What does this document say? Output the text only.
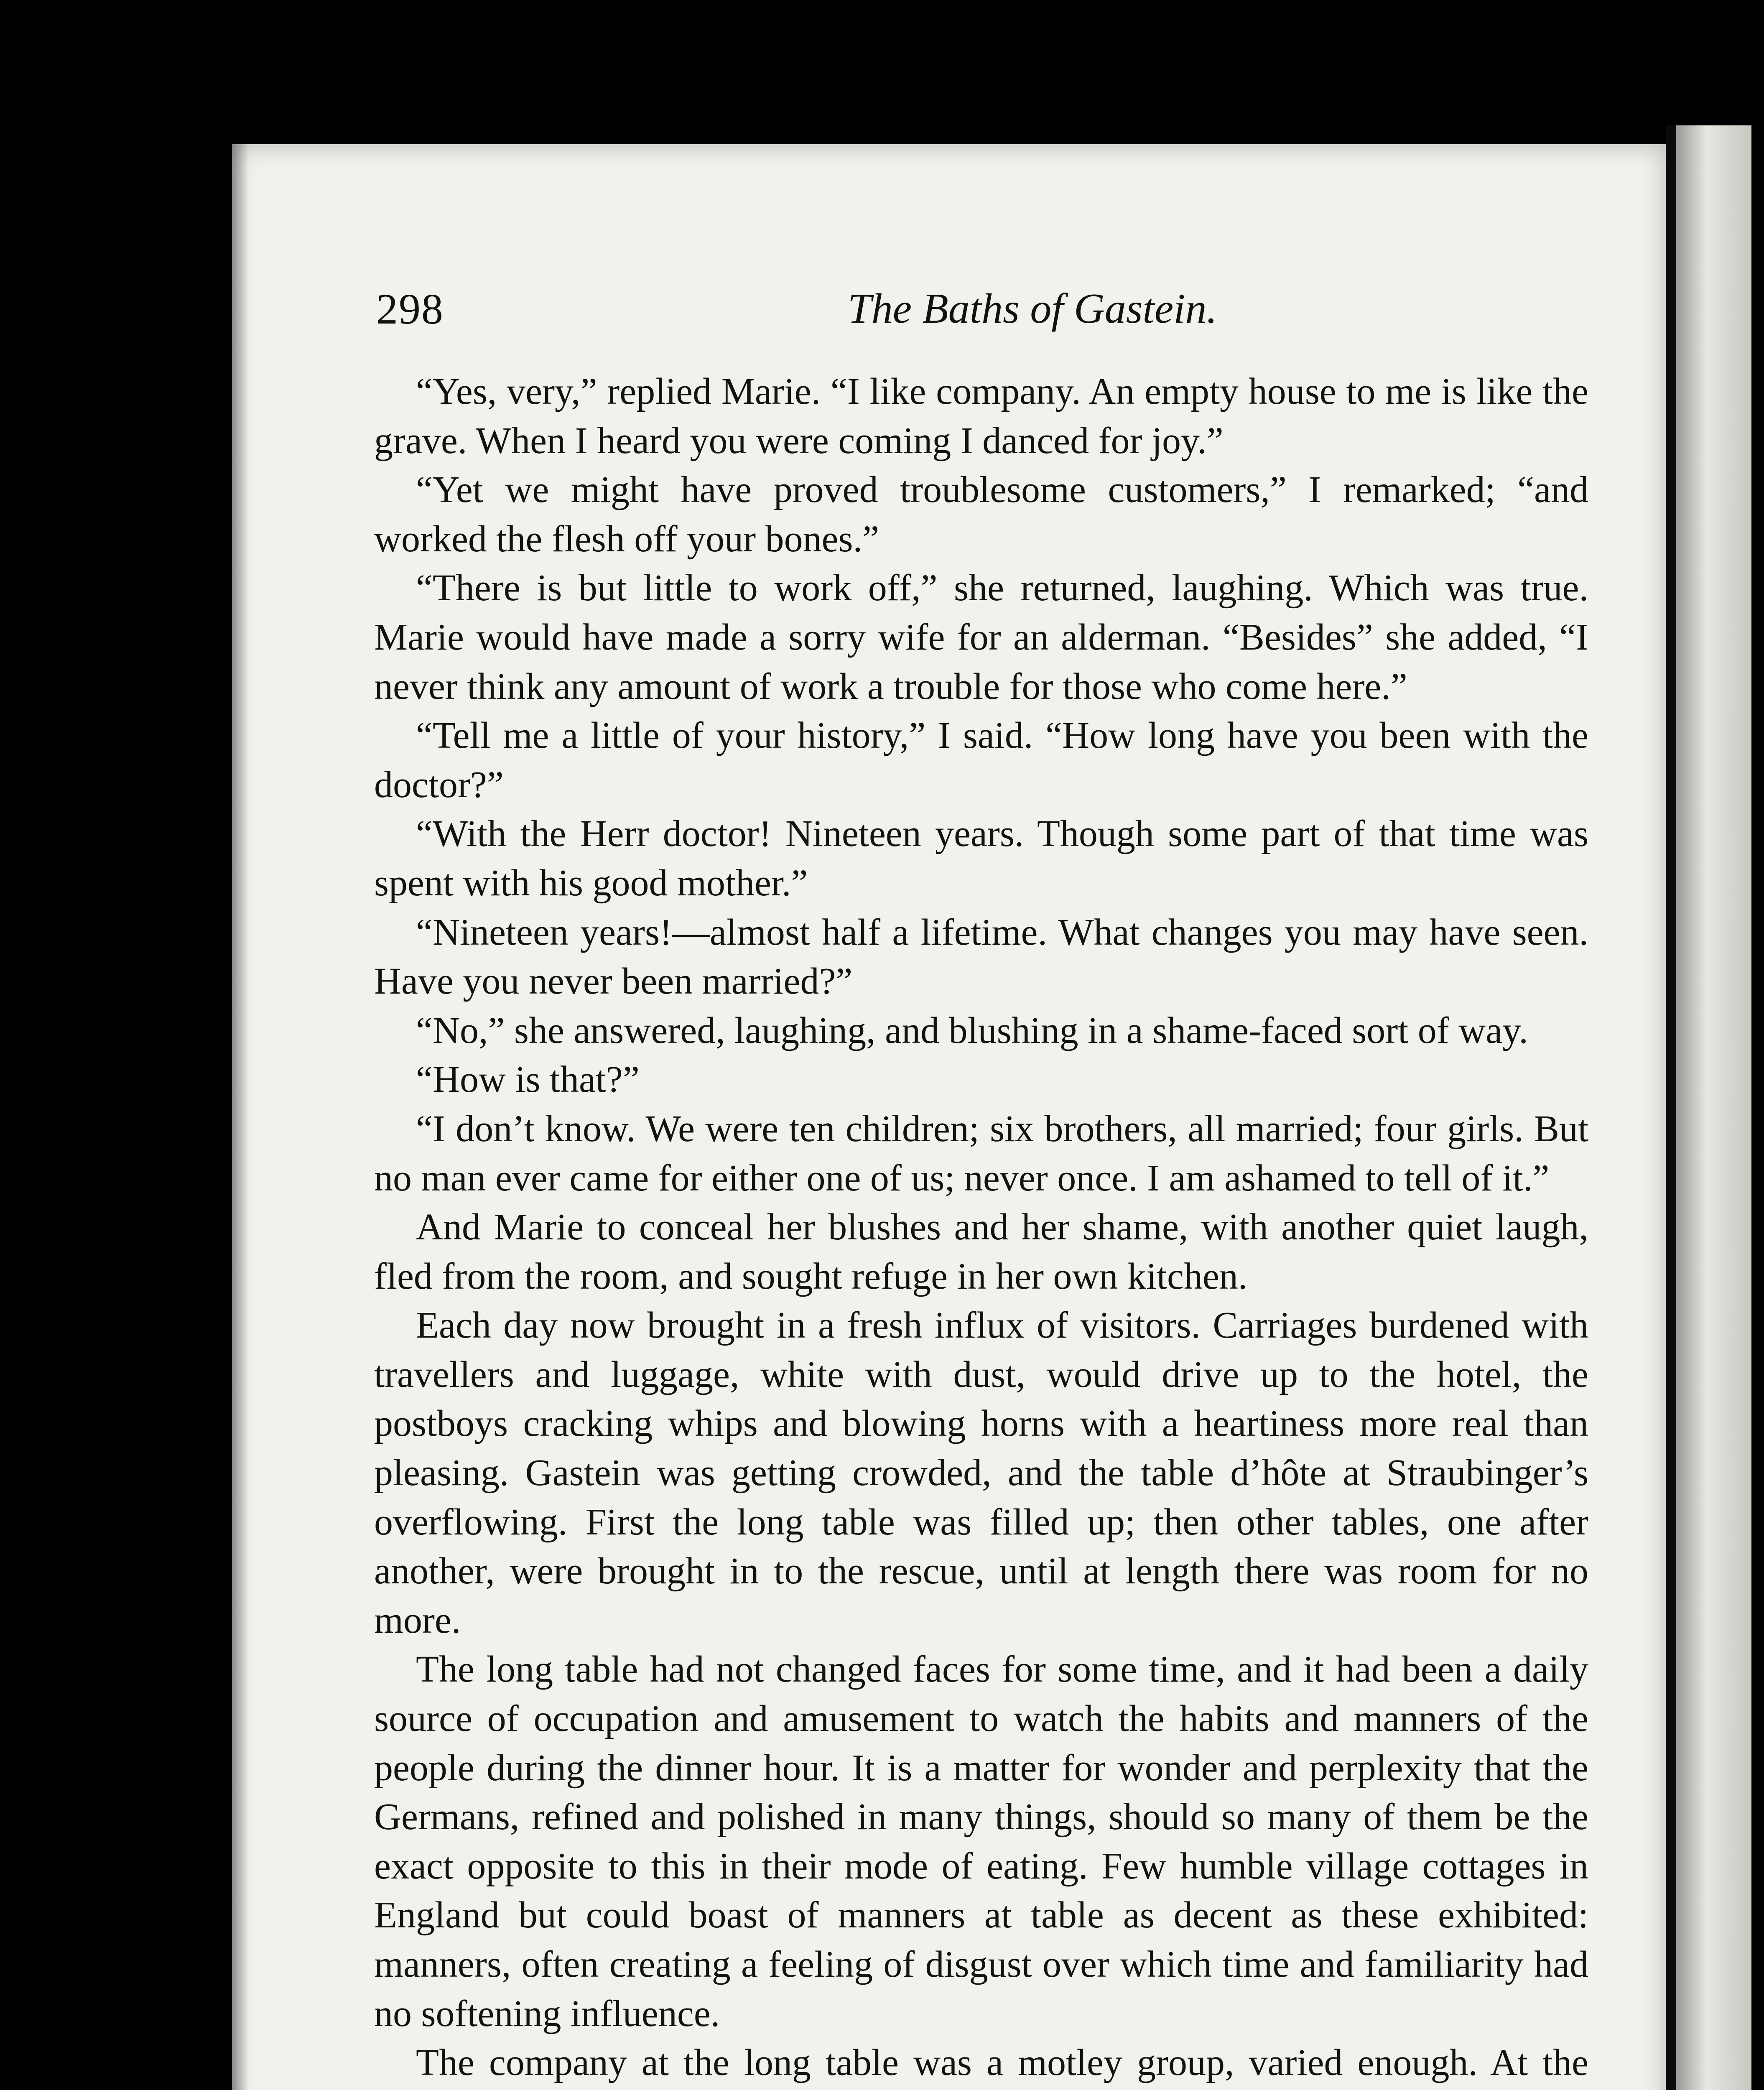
298	The Baths of Gastein.

“Yes, very,” replied Marie. “I like company. An empty house to me is like the grave. When I heard you were coming I danced for joy.”

“Yet we might have proved troublesome customers,” I remarked; “and worked the flesh off your bones.”

“There is but little to work off,” she returned, laughing. Which was true. Marie would have made a sorry wife for an alderman. “Besides” she added, “I never think any amount of work a trouble for those who come here.”

“Tell me a little of your history,” I said. “How long have you been with the doctor?”

“With the Herr doctor! Nineteen years. Though some part of that time was spent with his good mother.”

“Nineteen years!—almost half a lifetime. What changes you may have seen. Have you never been married?”

“No,” she answered, laughing, and blushing in a shame-faced sort of way.

“How is that?”

“I don’t know. We were ten children; six brothers, all married; four girls. But no man ever came for either one of us; never once. I am ashamed to tell of it.”

And Marie to conceal her blushes and her shame, with another quiet laugh, fled from the room, and sought refuge in her own kitchen.

Each day now brought in a fresh influx of visitors. Carriages burdened with travellers and luggage, white with dust, would drive up to the hotel, the postboys cracking whips and blowing horns with a heartiness more real than pleasing. Gastein was getting crowded, and the table d’hôte at Straubinger’s overflowing. First the long table was filled up; then other tables, one after another, were brought in to the rescue, until at length there was room for no more.

The long table had not changed faces for some time, and it had been a daily source of occupation and amusement to watch the habits and manners of the people during the dinner hour. It is a matter for wonder and perplexity that the Germans, refined and polished in many things, should so many of them be the exact opposite to this in their mode of eating. Few humble village cottages in England but could boast of manners at table as decent as these exhibited: manners, often creating a feeling of disgust over which time and familiarity had no softening influence.

The company at the long table was a motley group, varied enough. At the
